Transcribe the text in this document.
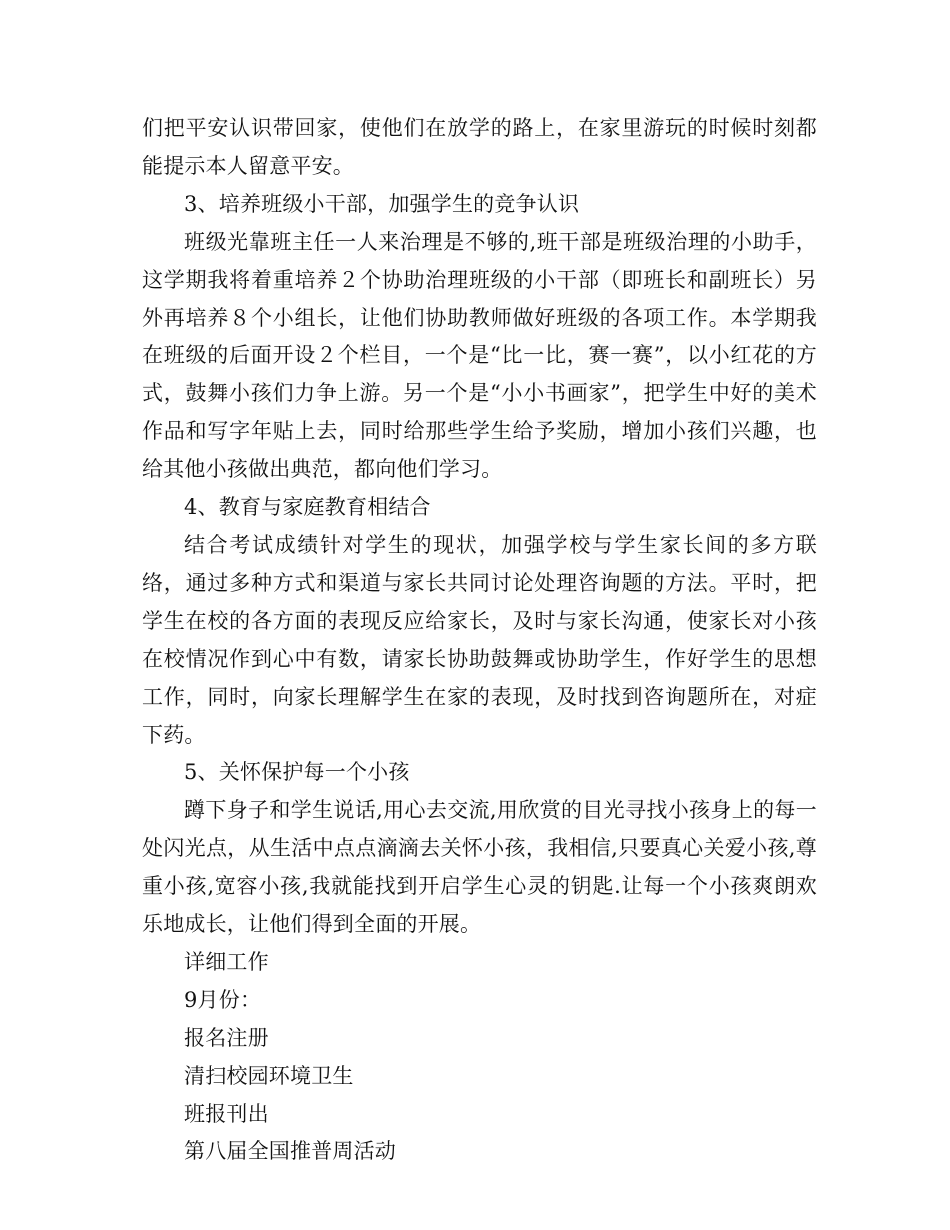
们把平安认识带回家，使他们在放学的路上，在家里游玩的时候时刻都能提示本人留意平安。

3、培养班级小干部，加强学生的竞争认识

班级光靠班主任一人来治理是不够的,班干部是班级治理的小助手，这学期我将着重培养２个协助治理班级的小干部（即班长和副班长）另外再培养８个小组长，让他们协助教师做好班级的各项工作。本学期我在班级的后面开设２个栏目，一个是“比一比，赛一赛”，以小红花的方式，鼓舞小孩们力争上游。另一个是“小小书画家”，把学生中好的美术作品和写字年贴上去，同时给那些学生给予奖励，增加小孩们兴趣，也给其他小孩做出典范，都向他们学习。

4、教育与家庭教育相结合

结合考试成绩针对学生的现状，加强学校与学生家长间的多方联络，通过多种方式和渠道与家长共同讨论处理咨询题的方法。平时，把学生在校的各方面的表现反应给家长，及时与家长沟通，使家长对小孩在校情况作到心中有数，请家长协助鼓舞或协助学生，作好学生的思想工作，同时，向家长理解学生在家的表现，及时找到咨询题所在，对症下药。

5、关怀保护每一个小孩

蹲下身子和学生说话,用心去交流,用欣赏的目光寻找小孩身上的每一处闪光点，从生活中点点滴滴去关怀小孩，我相信,只要真心关爱小孩,尊重小孩,宽容小孩,我就能找到开启学生心灵的钥匙.让每一个小孩爽朗欢乐地成长，让他们得到全面的开展。

详细工作

9月份：

报名注册

清扫校园环境卫生

班报刊出

第八届全国推普周活动
